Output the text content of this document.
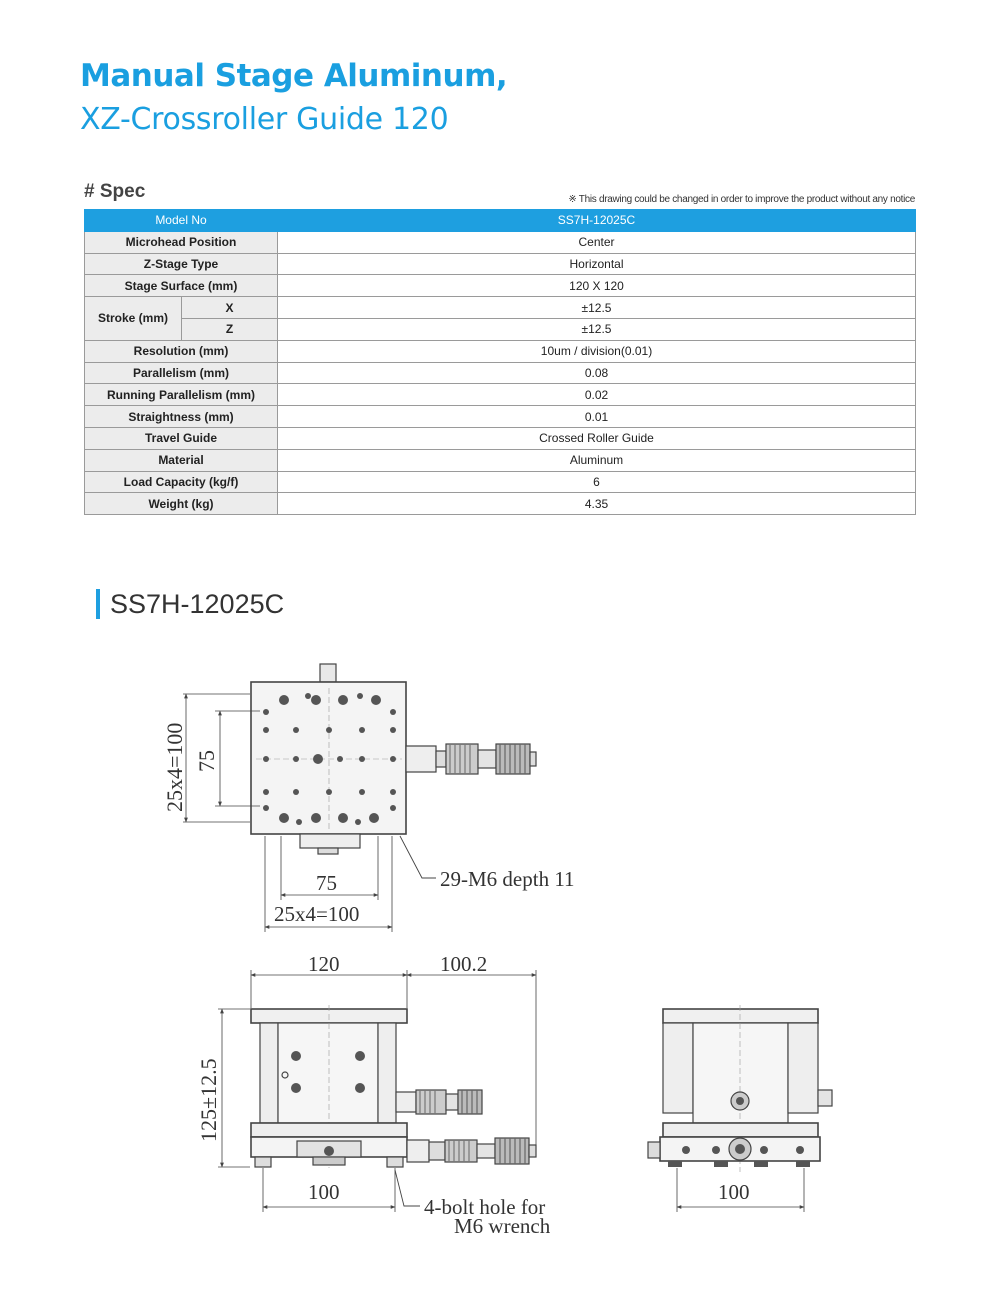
Manual Stage Aluminum,
XZ-Crossroller Guide 120
# Spec	※ This drawing could be changed in order to improve the product without any notice
Model No		SS7H-12025C
Microhead Position		Center
Z-Stage Type		Horizontal
Stage Surface (mm)		120 X 120
Stroke (mm)	X	±12.5
	Z	±12.5
Resolution (mm)		10um / division(0.01)
Parallelism (mm)		0.08
Running Parallelism (mm)		0.02
Straightness (mm)		0.01
Travel Guide		Crossed Roller Guide
Material		Aluminum
Load Capacity (kg/f)		6
Weight (kg)		4.35
SS7H-12025C
25x4=100 75
75
25x4=100
29-M6 depth 11
120	100.2
125±12.5
100
4-bolt hole for
M6 wrench
100
